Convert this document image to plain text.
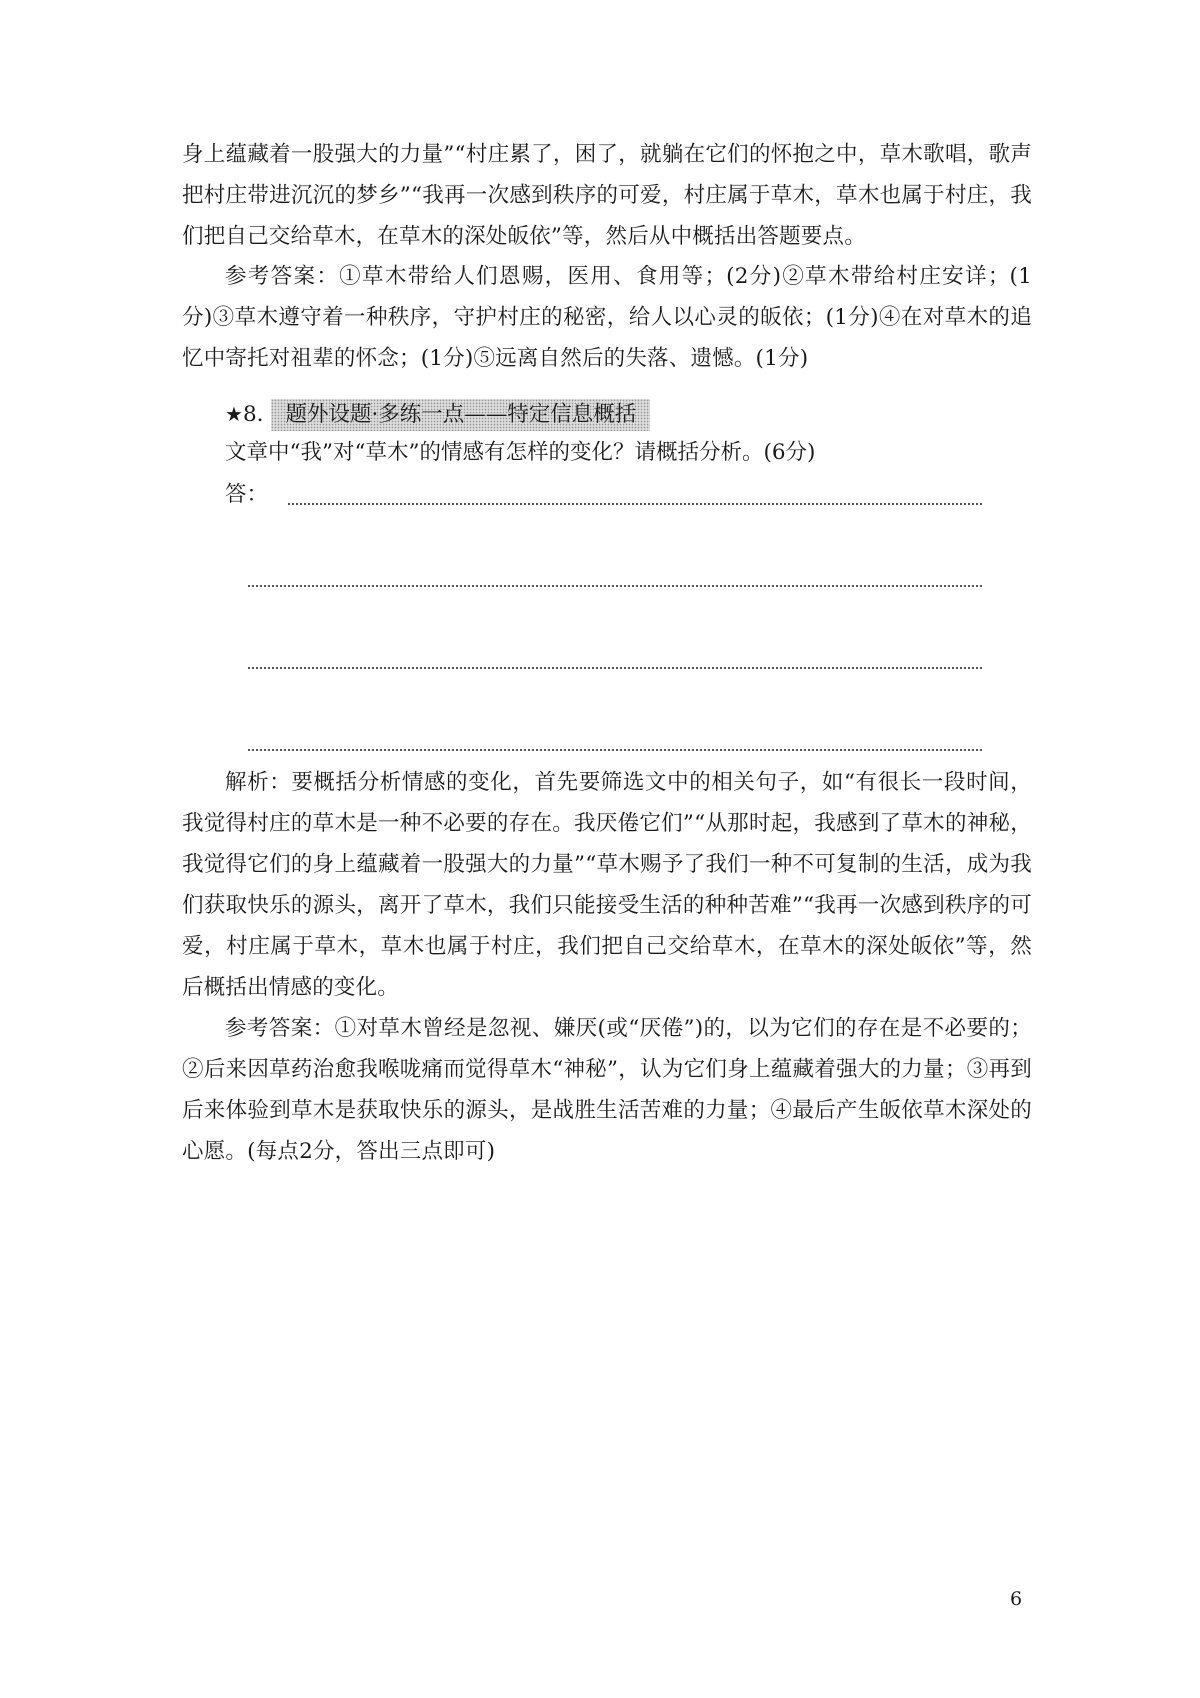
身上蕴藏着一股强大的力量”“村庄累了，困了，就躺在它们的怀抱之中，草木歌唱，歌声把村庄带进沉沉的梦乡”“我再一次感到秩序的可爱，村庄属于草木，草木也属于村庄，我们把自己交给草木，在草木的深处皈依”等，然后从中概括出答题要点。

参考答案：①草木带给人们恩赐，医用、食用等；(2分)②草木带给村庄安详；(1分)③草木遵守着一种秩序，守护村庄的秘密，给人以心灵的皈依；(1分)④在对草木的追忆中寄托对祖辈的怀念；(1分)⑤远离自然后的失落、遗憾。(1分)

★8. 题外设题·多练一点——特定信息概括

文章中“我”对“草木”的情感有怎样的变化？请概括分析。(6分)

答：

解析：要概括分析情感的变化，首先要筛选文中的相关句子，如“有很长一段时间，我觉得村庄的草木是一种不必要的存在。我厌倦它们”“从那时起，我感到了草木的神秘，我觉得它们的身上蕴藏着一股强大的力量”“草木赐予了我们一种不可复制的生活，成为我们获取快乐的源头，离开了草木，我们只能接受生活的种种苦难”“我再一次感到秩序的可爱，村庄属于草木，草木也属于村庄，我们把自己交给草木，在草木的深处皈依”等，然后概括出情感的变化。

参考答案：①对草木曾经是忽视、嫌厌(或“厌倦”)的，以为它们的存在是不必要的；②后来因草药治愈我喉咙痛而觉得草木“神秘”，认为它们身上蕴藏着强大的力量；③再到后来体验到草木是获取快乐的源头，是战胜生活苦难的力量；④最后产生皈依草木深处的心愿。(每点2分，答出三点即可)

6
